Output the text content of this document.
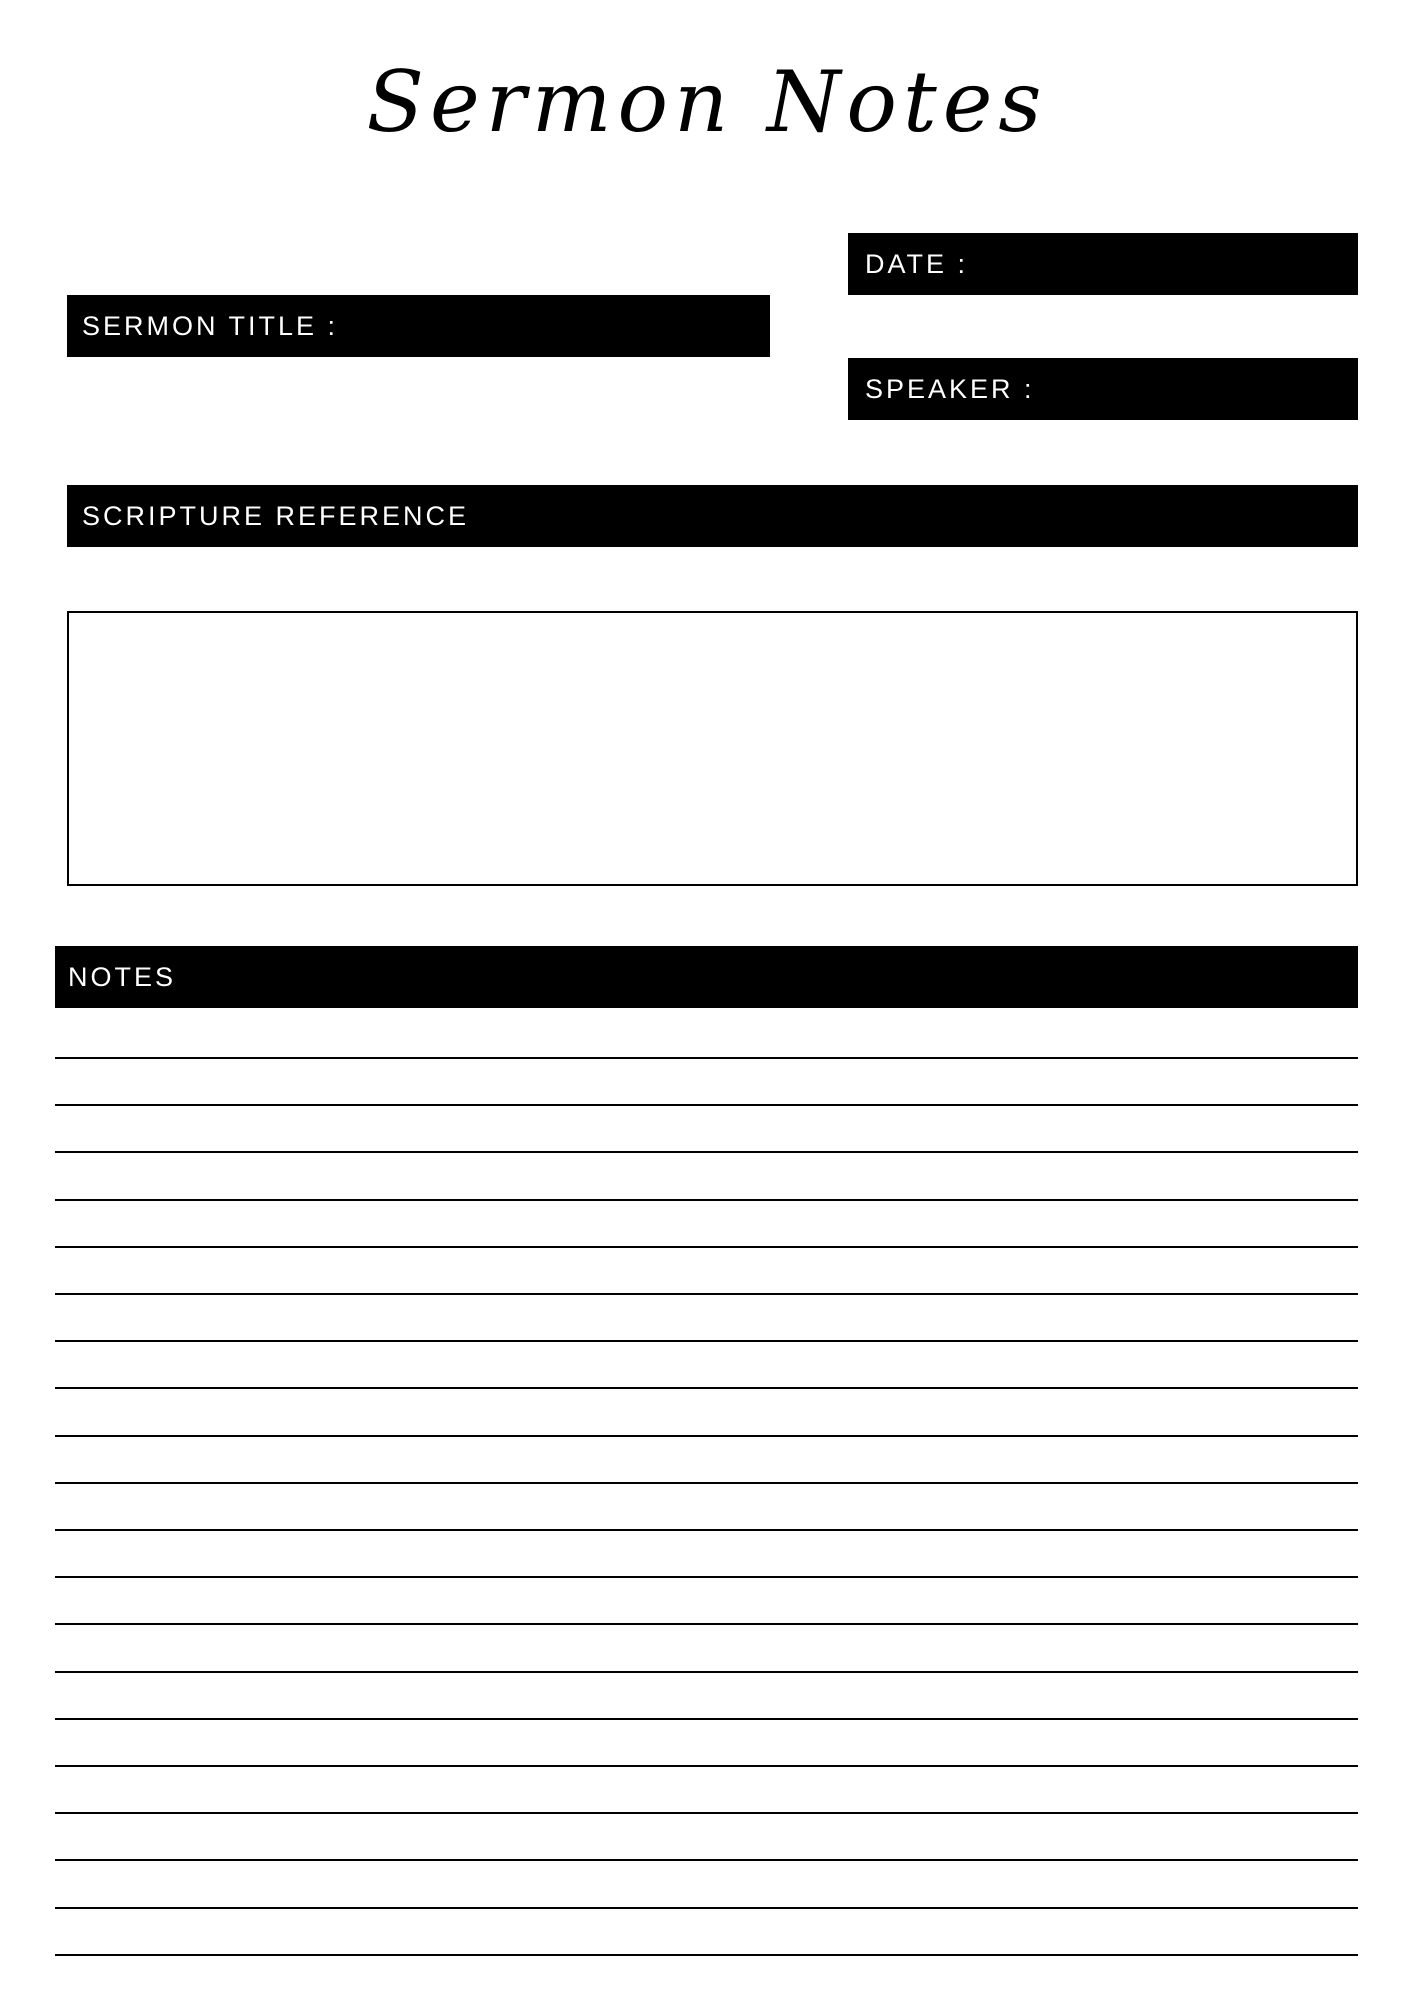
Sermon Notes
DATE :
SERMON TITLE :
SPEAKER :
SCRIPTURE REFERENCE
NOTES
